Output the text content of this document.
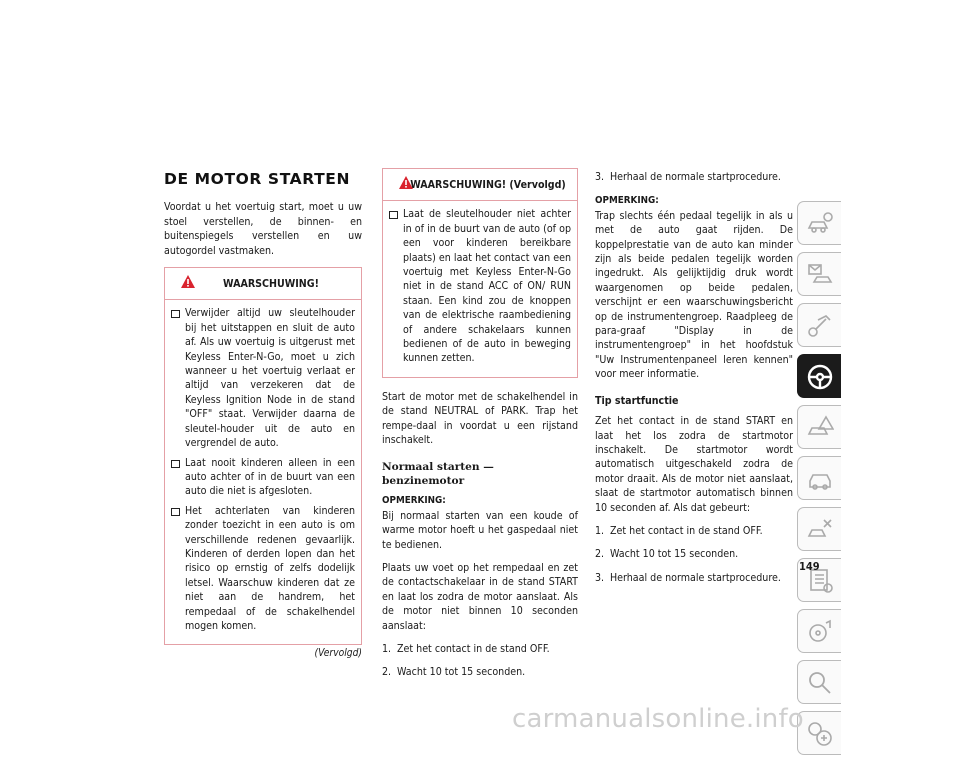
DE MOTOR STARTEN

Voordat u het voertuig start, moet u uw stoel verstellen, de binnen- en buitenspiegels verstellen en uw autogordel vastmaken.

WAARSCHUWING!
Verwijder altijd uw sleutelhouder bij het uitstappen en sluit de auto af. Als uw voertuig is uitgerust met Keyless Enter-N-Go, moet u zich wanneer u het voertuig verlaat er altijd van verzekeren dat de Keyless Ignition Node in de stand "OFF" staat. Verwijder daarna de sleutel-houder uit de auto en vergrendel de auto.
Laat nooit kinderen alleen in een auto achter of in de buurt van een auto die niet is afgesloten.
Het achterlaten van kinderen zonder toezicht in een auto is om verschillende redenen gevaarlijk. Kinderen of derden lopen dan het risico op ernstig of zelfs dodelijk letsel. Waarschuw kinderen dat ze niet aan de handrem, het rempedaal of de schakelhendel mogen komen.
(Vervolgd)
WAARSCHUWING! (Vervolgd)
Laat de sleutelhouder niet achter in of in de buurt van de auto (of op een voor kinderen bereikbare plaats) en laat het contact van een voertuig met Keyless Enter-N-Go niet in de stand ACC of ON/ RUN staan. Een kind zou de knoppen van de elektrische raambediening of andere schakelaars kunnen bedienen of de auto in beweging kunnen zetten.

Start de motor met de schakelhendel in de stand NEUTRAL of PARK. Trap het rempe-daal in voordat u een rijstand inschakelt.

Normaal starten — benzinemotor
OPMERKING:

Bij normaal starten van een koude of warme motor hoeft u het gaspedaal niet te bedienen.

Plaats uw voet op het rempedaal en zet de contactschakelaar in de stand START en laat los zodra de motor aanslaat. Als de motor niet binnen 10 seconden aanslaat:

1. Zet het contact in de stand OFF.
2. Wacht 10 tot 15 seconden.
3. Herhaal de normale startprocedure.
OPMERKING:

Trap slechts één pedaal tegelijk in als u met de auto gaat rijden. De koppelprestatie van de auto kan minder zijn als beide pedalen tegelijk worden ingedrukt. Als gelijktijdig druk wordt waargenomen op beide pedalen, verschijnt er een waarschuwingsbericht op de instrumentengroep. Raadpleeg de para-graaf "Display in de instrumentengroep" in het hoofdstuk "Uw Instrumentenpaneel leren kennen" voor meer informatie.

Tip startfunctie

Zet het contact in de stand START en laat het los zodra de startmotor inschakelt. De startmotor wordt automatisch uitgeschakeld zodra de motor draait. Als de motor niet aanslaat, slaat de startmotor automatisch binnen 10 seconden af. Als dat gebeurt:

1. Zet het contact in de stand OFF.
2. Wacht 10 tot 15 seconden.
3. Herhaal de normale startprocedure.
149
carmanualsonline.info
